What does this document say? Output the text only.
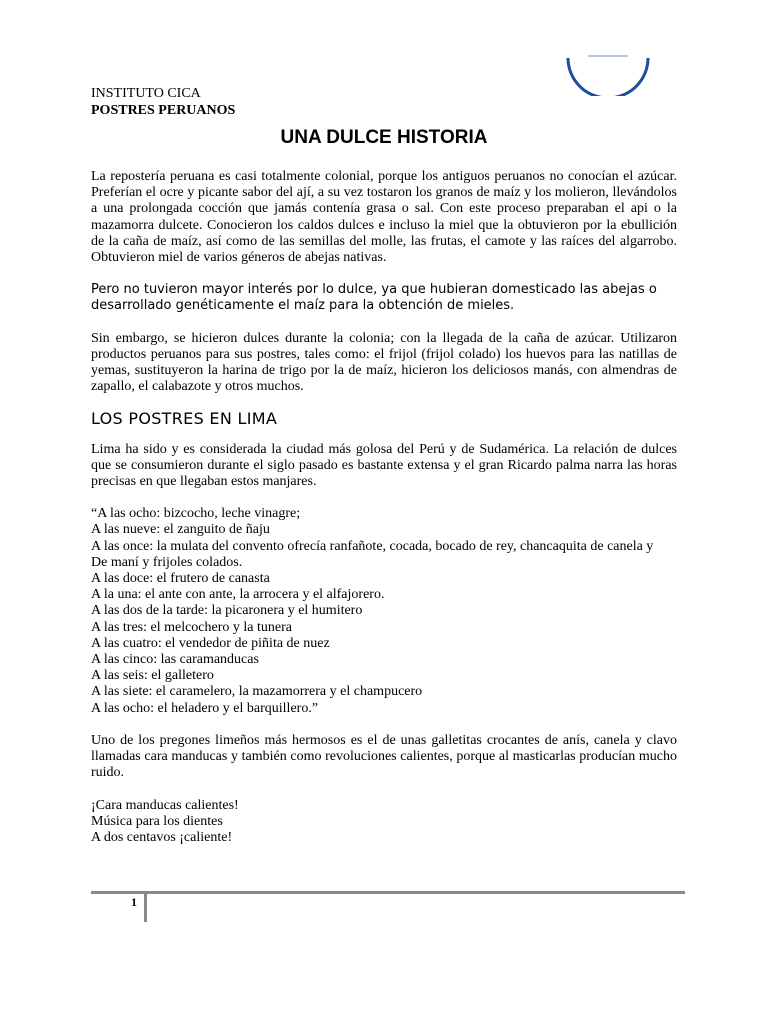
INSTITUTO CICA
POSTRES PERUANOS
UNA DULCE HISTORIA

La repostería peruana es casi totalmente colonial, porque los antiguos peruanos no conocían el azúcar. Preferían el ocre y picante sabor del ají, a su vez tostaron los granos de maíz y los molieron, llevándolos a una prolongada cocción que jamás contenía grasa o sal. Con este proceso preparaban el api o la mazamorra dulcete. Conocieron los caldos dulces e incluso la miel que la obtuvieron por la ebullición de la caña de maíz, así como de las semillas del molle, las frutas, el camote y las raíces del algarrobo. Obtuvieron miel de varios géneros de abejas nativas.

Pero no tuvieron mayor interés por lo dulce, ya que hubieran domesticado las abejas o desarrollado genéticamente el maíz para la obtención de mieles.

Sin embargo, se hicieron dulces durante la colonia; con la llegada de la caña de azúcar. Utilizaron productos peruanos para sus postres, tales como: el frijol (frijol colado) los huevos para las natillas de yemas, sustituyeron la harina de trigo por la de maíz, hicieron los deliciosos manás, con almendras de zapallo, el calabazote y otros muchos.

LOS POSTRES EN LIMA

Lima ha sido y es considerada la ciudad más golosa del Perú y de Sudamérica. La relación de dulces que se consumieron durante el siglo pasado es bastante extensa y el gran Ricardo palma narra las horas precisas en que llegaban estos manjares.

“A las ocho: bizcocho, leche vinagre;
A las nueve: el zanguito de ñaju
A las once: la mulata del convento ofrecía ranfañote, cocada, bocado de rey, chancaquita de canela y
De maní y frijoles colados.
A las doce: el frutero de canasta
A la una: el ante con ante, la arrocera y el alfajorero.
A las dos de la tarde: la picaronera y el humitero
A las tres: el melcochero y la tunera
A las cuatro: el vendedor de piñita de nuez
A las cinco: las caramanducas
A las seis: el galletero
A las siete: el caramelero, la mazamorrera y el champucero
A las ocho: el heladero y el barquillero.”

Uno de los pregones limeños más hermosos es el de unas galletitas crocantes de anís, canela y clavo llamadas cara manducas y también como revoluciones calientes, porque al masticarlas producían mucho ruido.

¡Cara manducas calientes!
Música para los dientes
A dos centavos ¡caliente!
1
